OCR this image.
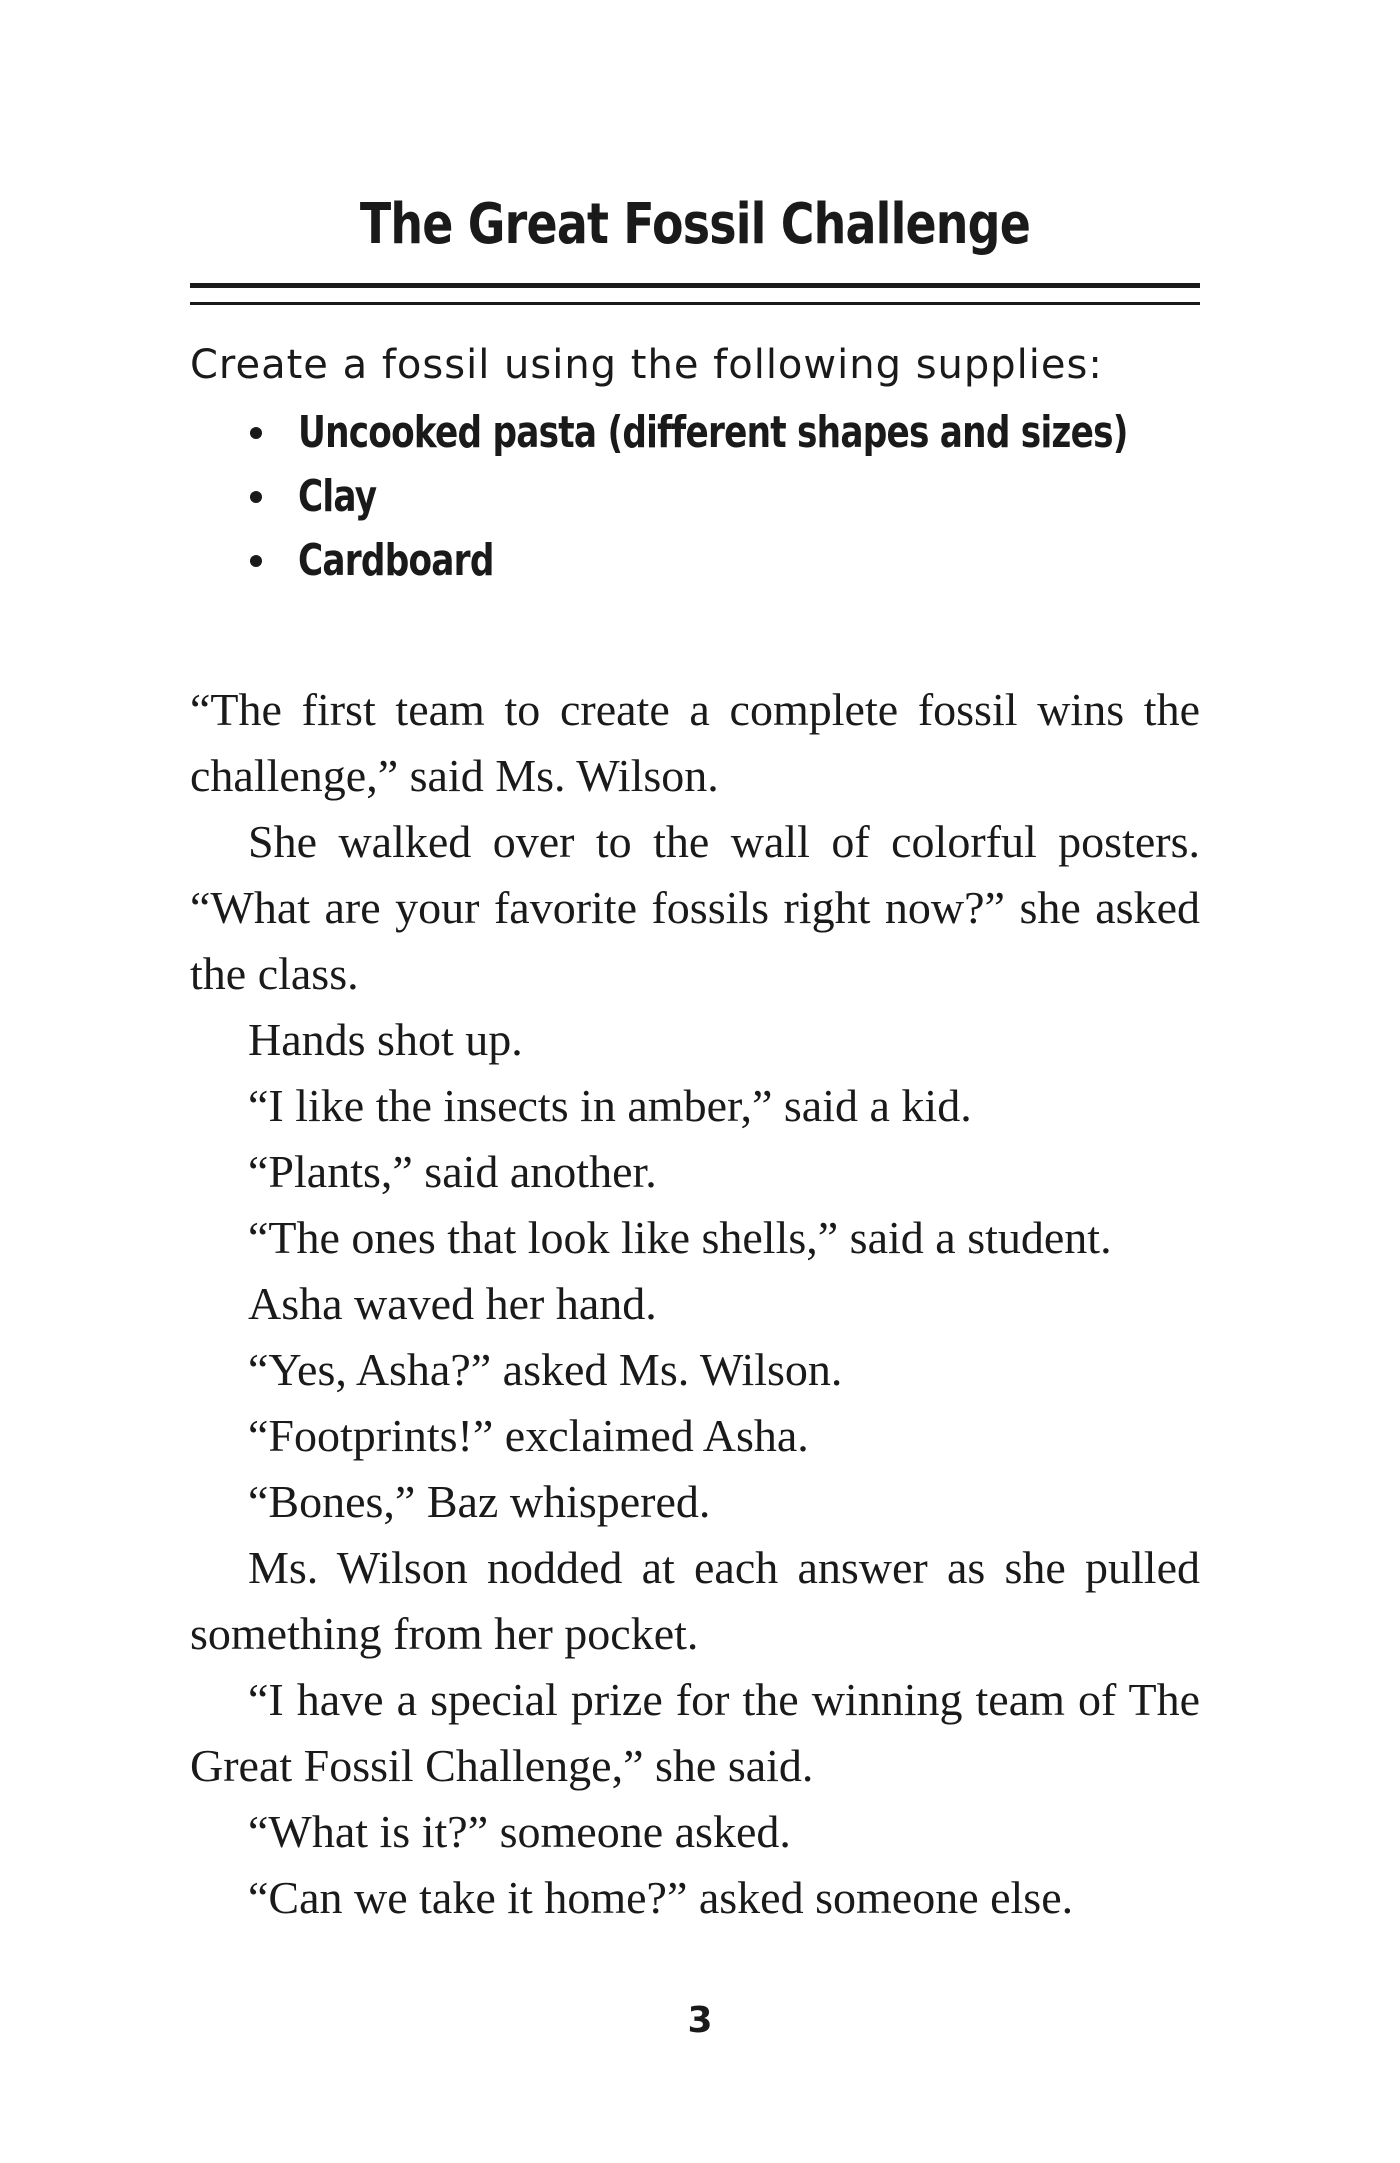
The Great Fossil Challenge

Create a fossil using the following supplies:

Uncooked pasta (different shapes and sizes)
Clay
Cardboard

“The first team to create a complete fossil wins the challenge,” said Ms. Wilson.

She walked over to the wall of colorful posters. “What are your favorite fossils right now?” she asked the class.

Hands shot up.

“I like the insects in amber,” said a kid.

“Plants,” said another.

“The ones that look like shells,” said a student.

Asha waved her hand.

“Yes, Asha?” asked Ms. Wilson.

“Footprints!” exclaimed Asha.

“Bones,” Baz whispered.

Ms. Wilson nodded at each answer as she pulled something from her pocket.

“I have a special prize for the winning team of The Great Fossil Challenge,” she said.

“What is it?” someone asked.

“Can we take it home?” asked someone else.

3
